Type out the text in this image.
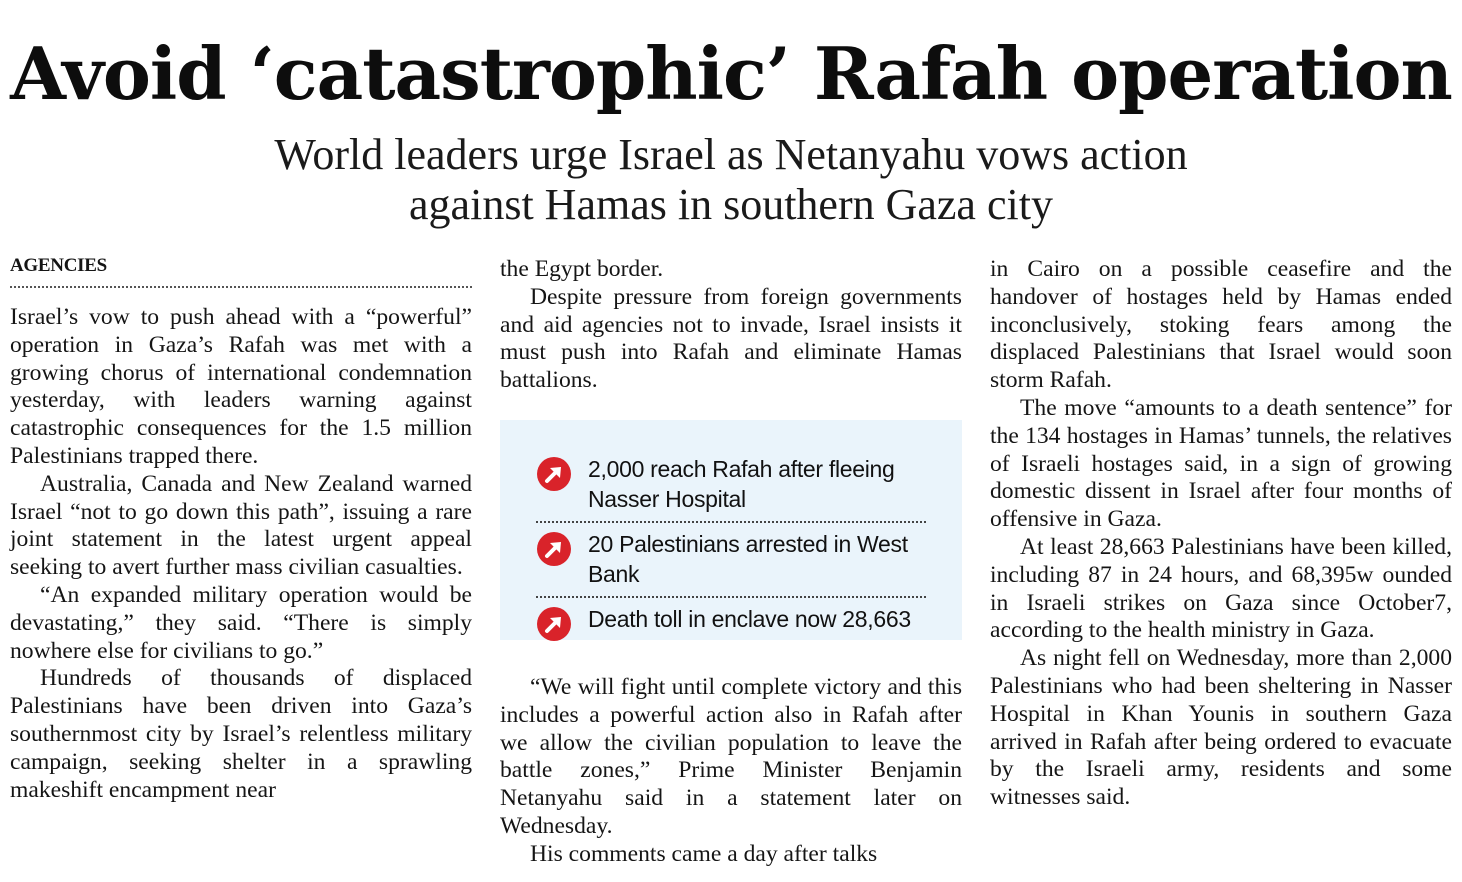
Avoid ‘catastrophic’ Rafah operation
World leaders urge Israel as Netanyahu vows action
against Hamas in southern Gaza city
AGENCIES

Israel’s vow to push ahead with a “powerful” operation in Gaza’s Rafah was met with a growing chorus of international condemnation yesterday, with leaders warning against catastrophic consequences for the 1.5 million Palestinians trapped there.

Australia, Canada and New Zealand warned Israel “not to go down this path”, issuing a rare joint statement in the latest urgent appeal seeking to avert further mass civilian casualties.

“An expanded military operation would be devastating,” they said. “There is simply nowhere else for civilians to go.”

Hundreds of thousands of displaced Palestinians have been driven into Gaza’s southernmost city by Israel’s relentless military campaign, seeking shelter in a sprawling makeshift encampment near

the Egypt border.

Despite pressure from foreign governments and aid agencies not to invade, Israel insists it must push into Rafah and eliminate Hamas battalions.

2,000 reach Rafah after fleeing
Nasser Hospital
20 Palestinians arrested in West Bank
Death toll in enclave now 28,663

“We will fight until complete victory and this includes a powerful action also in Rafah after we allow the civilian population to leave the battle zones,” Prime Minister Benjamin Netanyahu said in a statement later on Wednesday.

His comments came a day after talks

in Cairo on a possible ceasefire and the handover of hostages held by Hamas ended inconclusively, stoking fears among the displaced Palestinians that Israel would soon storm Rafah.

The move “amounts to a death sentence” for the 134 hostages in Hamas’ tunnels, the relatives of Israeli hostages said, in a sign of growing domestic dissent in Israel after four months of offensive in Gaza.

At least 28,663 Palestinians have been killed, including 87 in 24 hours, and 68,395w ounded in Israeli strikes on Gaza since October7, according to the health ministry in Gaza.

As night fell on Wednesday, more than 2,000 Palestinians who had been sheltering in Nasser Hospital in Khan Younis in southern Gaza arrived in Rafah after being ordered to evacuate by the Israeli army, residents and some witnesses said.
